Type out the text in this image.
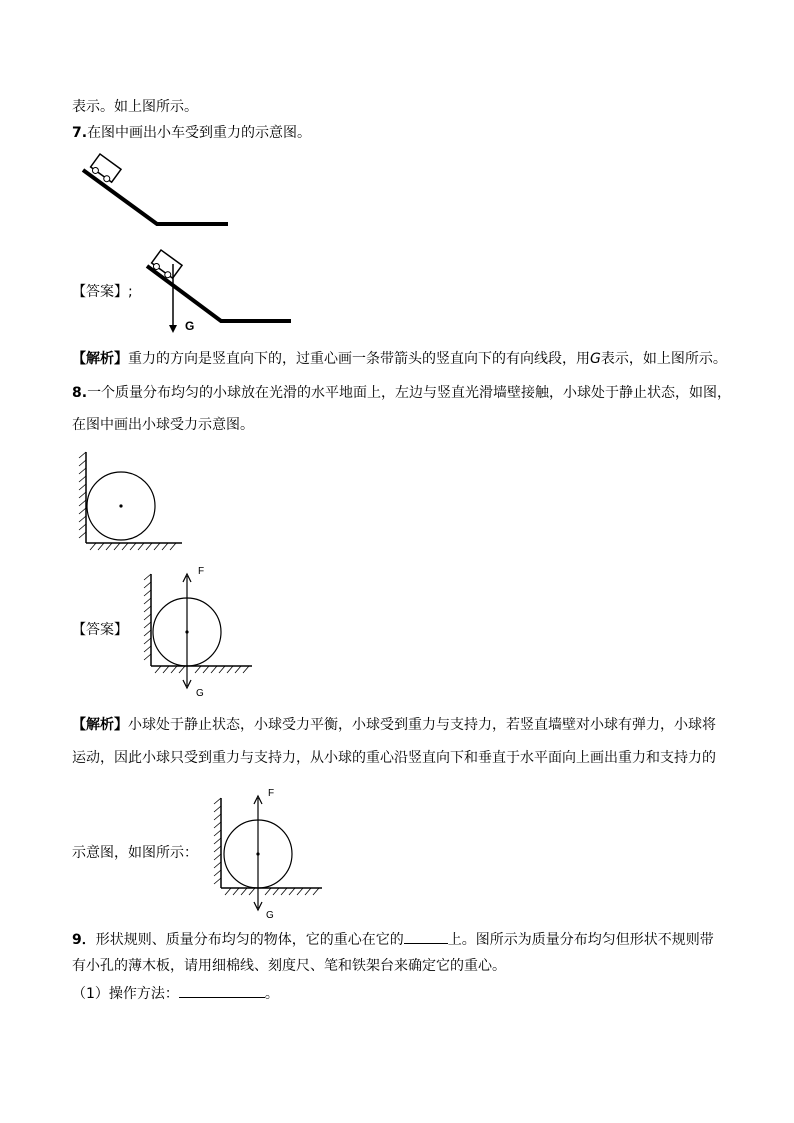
表示。如上图所示。
7.在图中画出小车受到重力的示意图。
【答案】;
【解析】重力的方向是竖直向下的，过重心画一条带箭头的竖直向下的有向线段，用G表示，如上图所示。
8.一个质量分布均匀的小球放在光滑的水平地面上，左边与竖直光滑墙壁接触，小球处于静止状态，如图，
在图中画出小球受力示意图。
【答案】
【解析】小球处于静止状态，小球受力平衡，小球受到重力与支持力，若竖直墙壁对小球有弹力，小球将
运动，因此小球只受到重力与支持力，从小球的重心沿竖直向下和垂直于水平面向上画出重力和支持力的
示意图，如图所示：
9．形状规则、质量分布均匀的物体，它的重心在它的	上。图所示为质量分布均匀但形状不规则带
有小孔的薄木板，请用细棉线、刻度尺、笔和铁架台来确定它的重心。
（1）操作方法：	。
G
F
G
F
G
